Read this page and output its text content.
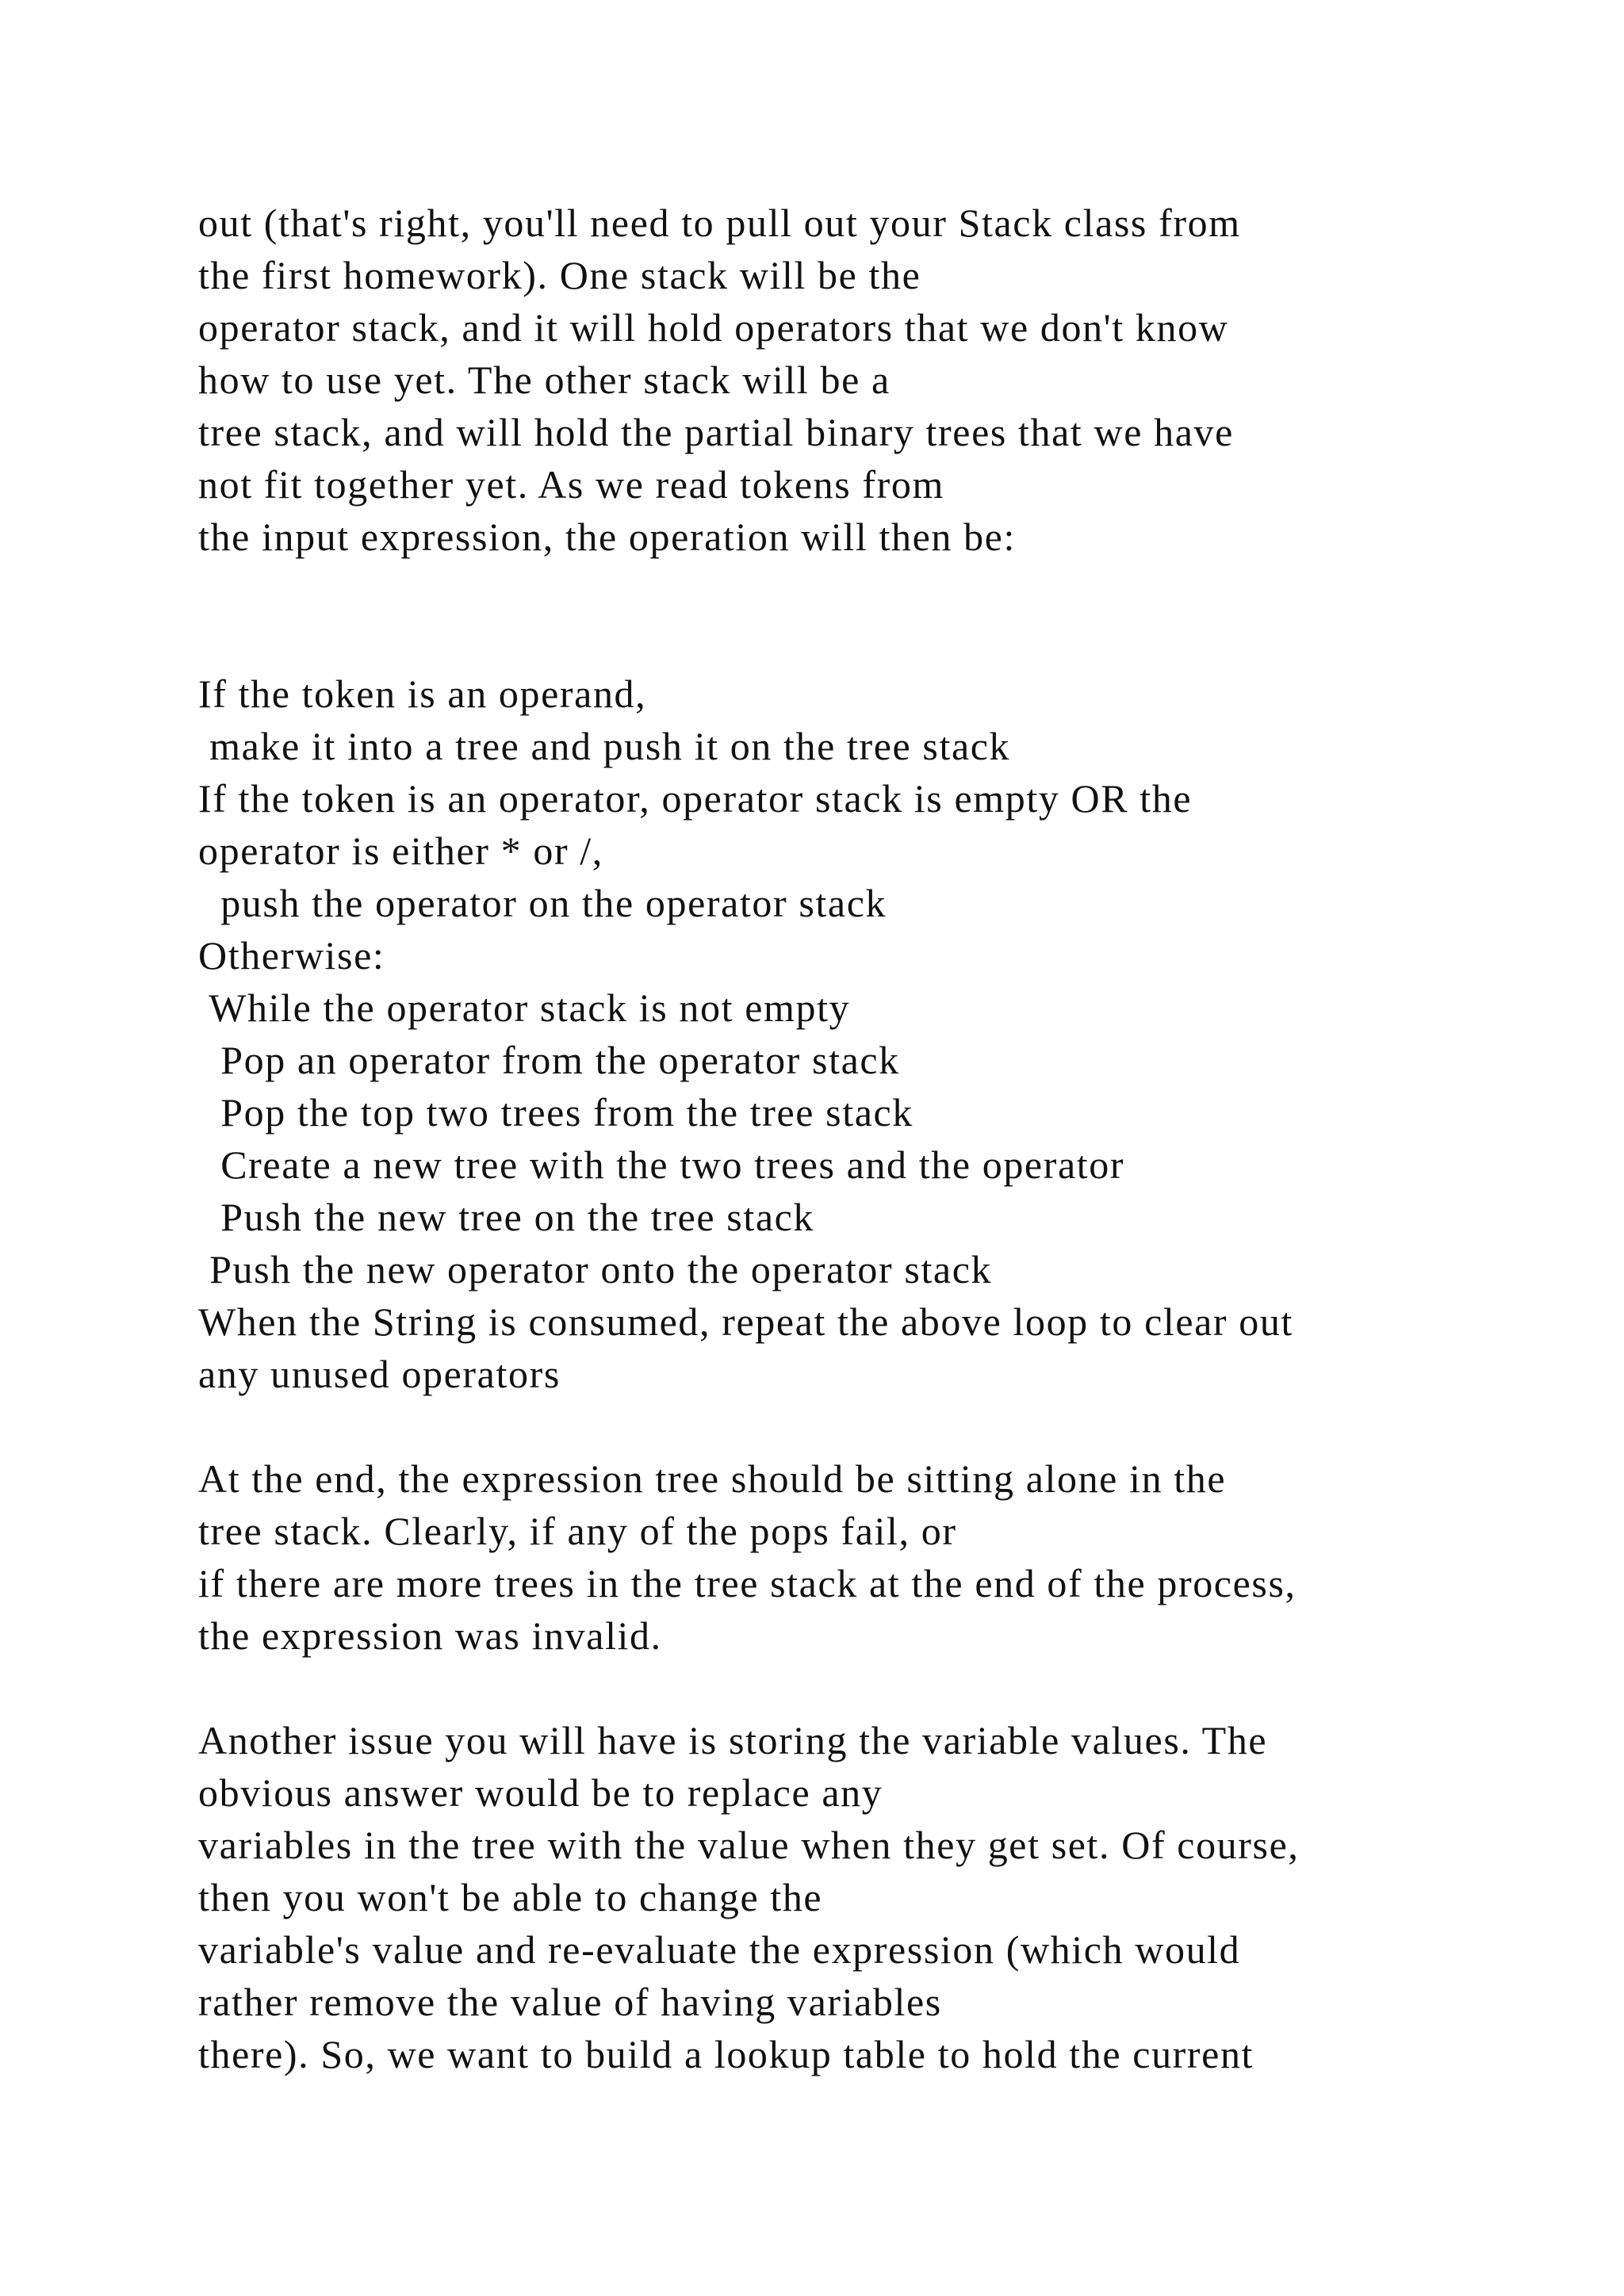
out (that's right, you'll need to pull out your Stack class from
the first homework). One stack will be the
operator stack, and it will hold operators that we don't know
how to use yet. The other stack will be a
tree stack, and will hold the partial binary trees that we have
not fit together yet. As we read tokens from
the input expression, the operation will then be:
If the token is an operand,
make it into a tree and push it on the tree stack
If the token is an operator, operator stack is empty OR the
operator is either * or /,
push the operator on the operator stack
Otherwise:
While the operator stack is not empty
Pop an operator from the operator stack
Pop the top two trees from the tree stack
Create a new tree with the two trees and the operator
Push the new tree on the tree stack
Push the new operator onto the operator stack
When the String is consumed, repeat the above loop to clear out
any unused operators
At the end, the expression tree should be sitting alone in the
tree stack. Clearly, if any of the pops fail, or
if there are more trees in the tree stack at the end of the process,
the expression was invalid.
Another issue you will have is storing the variable values. The
obvious answer would be to replace any
variables in the tree with the value when they get set. Of course,
then you won't be able to change the
variable's value and re-evaluate the expression (which would
rather remove the value of having variables
there). So, we want to build a lookup table to hold the current
